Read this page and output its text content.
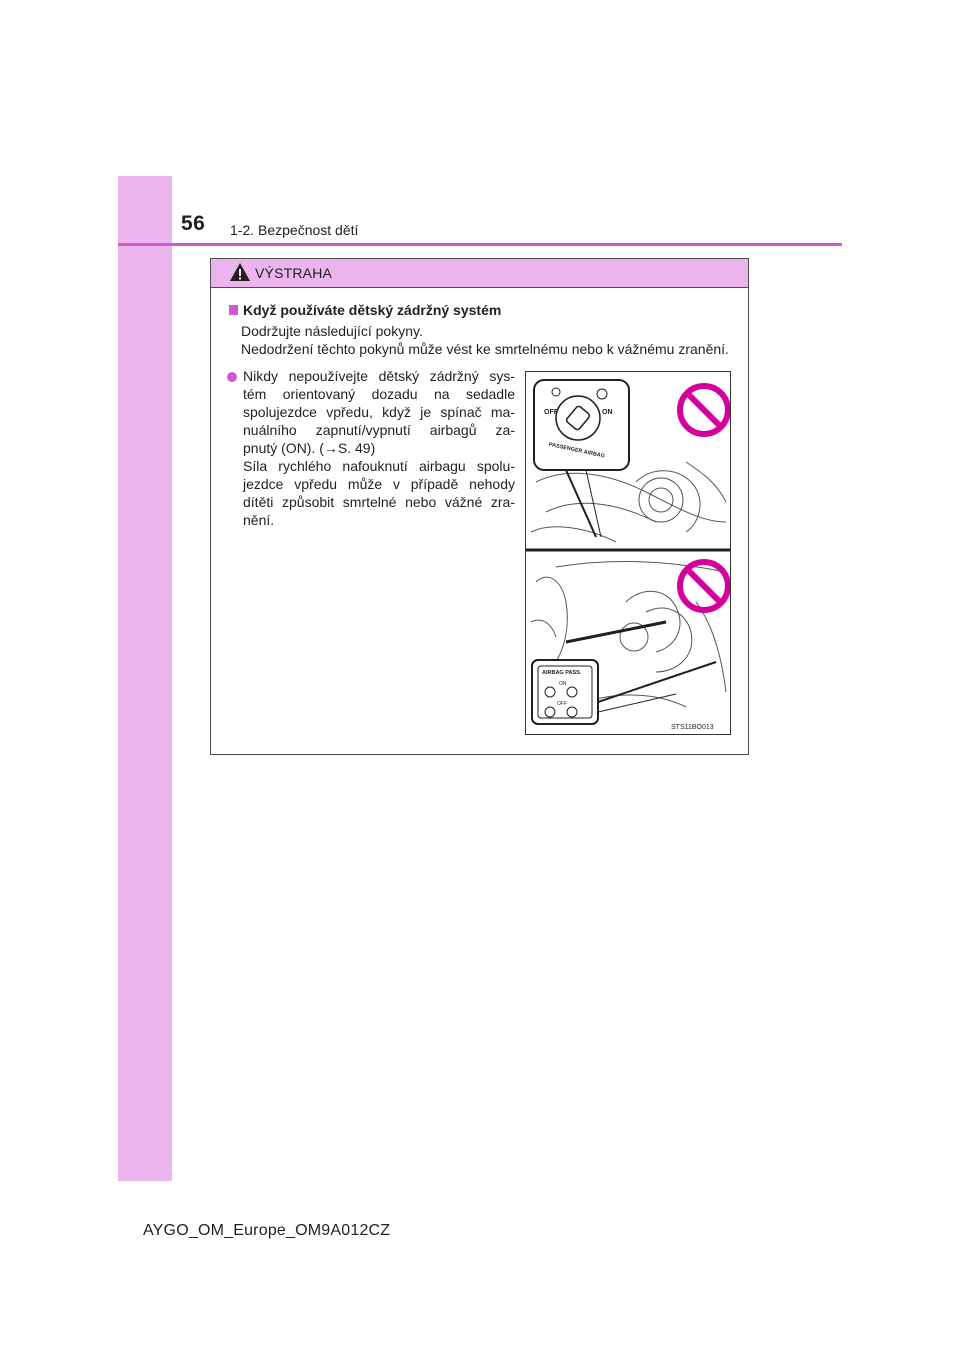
56 1-2. Bezpečnost dětí
VÝSTRAHA
Když používáte dětský zádržný systém
Dodržujte následující pokyny.
Nedodržení těchto pokynů může vést ke smrtelnému nebo k vážnému zranění.
Nikdy nepoužívejte dětský zádržný sys-
tém orientovaný dozadu na sedadle
spolujezdce vpředu, když je spínač ma-
nuálního zapnutí/vypnutí airbagů za-
pnutý (ON). (→S. 49)
Síla rychlého nafouknutí airbagu spolu-
jezdce vpředu může v případě nehody
dítěti způsobit smrtelné nebo vážné zra-
nění.
OFF	ON
PASSENGER AIRBAG
AIRBAG PASS.
ON
OFF
STS11BO013
AYGO_OM_Europe_OM9A012CZ
